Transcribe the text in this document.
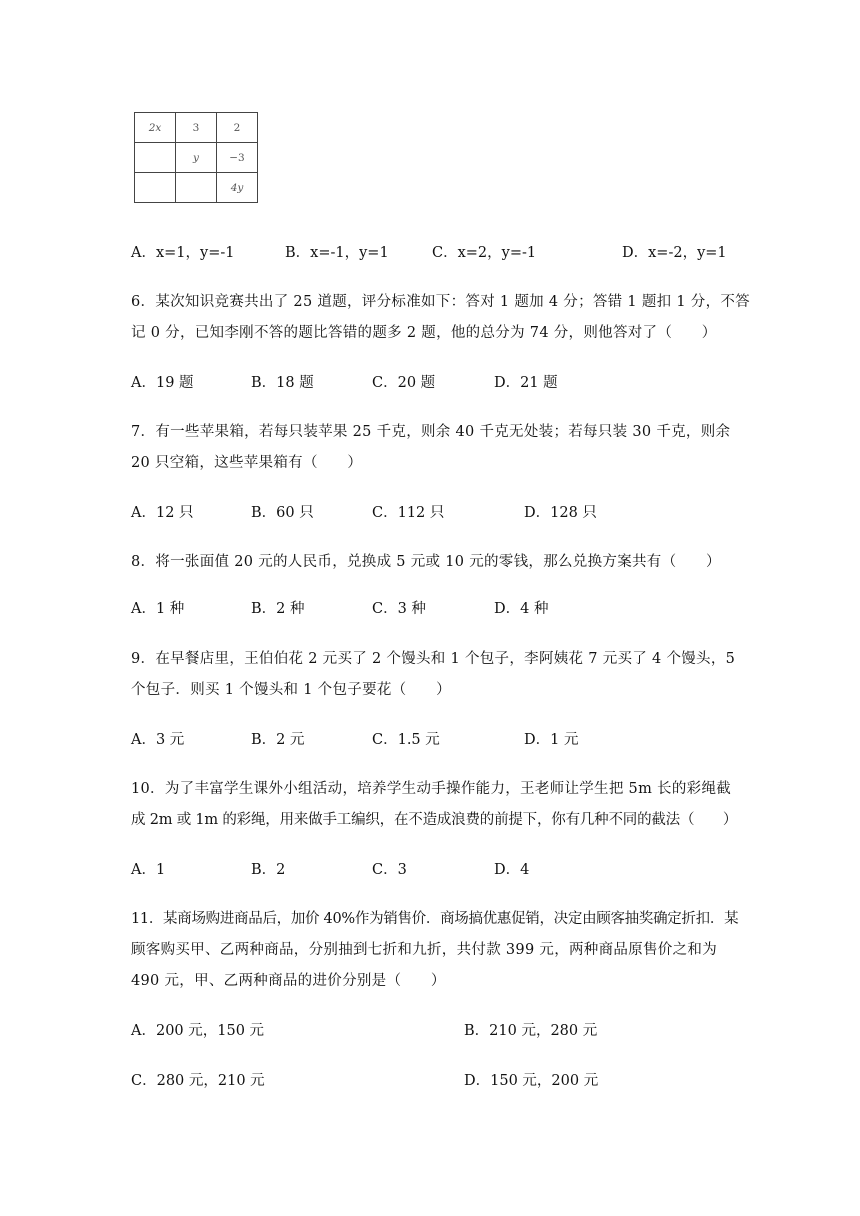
2x	3	2
	y	−3
		4y
A．x=1，y=-1	B．x=-1，y=1	C．x=2，y=-1	D．x=-2，y=1
6．某次知识竞赛共出了 25 道题，评分标准如下：答对 1 题加 4 分；答错 1 题扣 1 分，不答
记 0 分，已知李刚不答的题比答错的题多 2 题，他的总分为 74 分，则他答对了（　　）
A．19 题	B．18 题	C．20 题	D．21 题
7．有一些苹果箱，若每只装苹果 25 千克，则余 40 千克无处装；若每只装 30 千克，则余
20 只空箱，这些苹果箱有（　　）
A．12 只	B．60 只	C．112 只	D．128 只
8．将一张面值 20 元的人民币，兑换成 5 元或 10 元的零钱，那么兑换方案共有（　　）
A．1 种	B．2 种	C．3 种	D．4 种
9．在早餐店里，王伯伯花 2 元买了 2 个馒头和 1 个包子，李阿姨花 7 元买了 4 个馒头，5
个包子．则买 1 个馒头和 1 个包子要花（　　）
A．3 元	B．2 元	C．1.5 元	D．1 元
10．为了丰富学生课外小组活动，培养学生动手操作能力，王老师让学生把 5m 长的彩绳截
成 2m 或 1m 的彩绳，用来做手工编织，在不造成浪费的前提下，你有几种不同的截法（　　）
A．1	B．2	C．3	D．4
11．某商场购进商品后，加价 40%作为销售价．商场搞优惠促销，决定由顾客抽奖确定折扣．某
顾客购买甲、乙两种商品，分别抽到七折和九折，共付款 399 元，两种商品原售价之和为
490 元，甲、乙两种商品的进价分别是（　　）
A．200 元，150 元	B．210 元，280 元
C．280 元，210 元	D．150 元，200 元
